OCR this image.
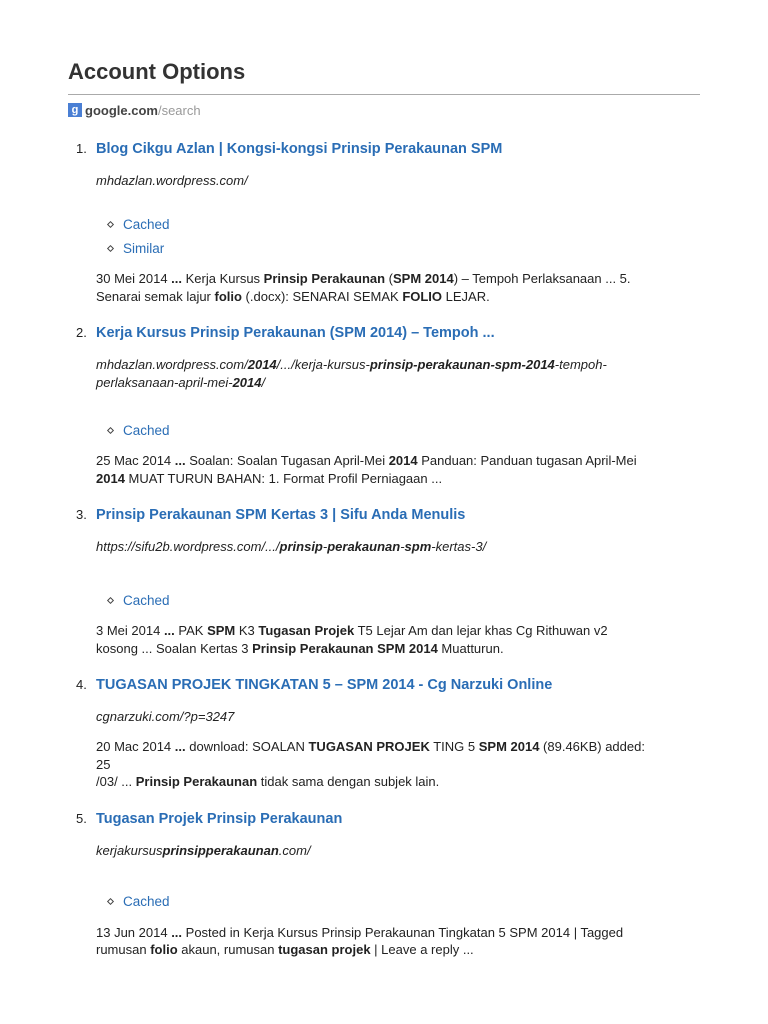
Account Options
g google.com /search
1. Blog Cikgu Azlan | Kongsi-kongsi Prinsip Perakaunan SPM
mhdazlan.wordpress.com/
Cached
Similar
30 Mei 2014 ... Kerja Kursus Prinsip Perakaunan (SPM 2014) – Tempoh Perlaksanaan ... 5.
Senarai semak lajur folio (.docx): SENARAI SEMAK FOLIO LEJAR.
2. Kerja Kursus Prinsip Perakaunan (SPM 2014) – Tempoh ...
mhdazlan.wordpress.com/2014/.../kerja-kursus-prinsip-perakaunan-spm-2014-tempoh-
perlaksanaan-april-mei-2014/
Cached
25 Mac 2014 ... Soalan: Soalan Tugasan April-Mei 2014 Panduan: Panduan tugasan April-Mei
2014 MUAT TURUN BAHAN: 1. Format Profil Perniagaan ...
3. Prinsip Perakaunan SPM Kertas 3 | Sifu Anda Menulis
https://sifu2b.wordpress.com/.../prinsip-perakaunan-spm-kertas-3/
Cached
3 Mei 2014 ... PAK SPM K3 Tugasan Projek T5 Lejar Am dan lejar khas Cg Rithuwan v2
kosong ... Soalan Kertas 3 Prinsip Perakaunan SPM 2014 Muatturun.
4. TUGASAN PROJEK TINGKATAN 5 – SPM 2014 - Cg Narzuki Online
cgnarzuki.com/?p=3247
20 Mac 2014 ... download: SOALAN TUGASAN PROJEK TING 5 SPM 2014 (89.46KB) added:
25
/03/ ... Prinsip Perakaunan tidak sama dengan subjek lain.
5. Tugasan Projek Prinsip Perakaunan
kerjakursusprinsipperakaunan.com/
Cached
13 Jun 2014 ... Posted in Kerja Kursus Prinsip Perakaunan Tingkatan 5 SPM 2014 | Tagged
rumusan folio akaun, rumusan tugasan projek | Leave a reply ...
